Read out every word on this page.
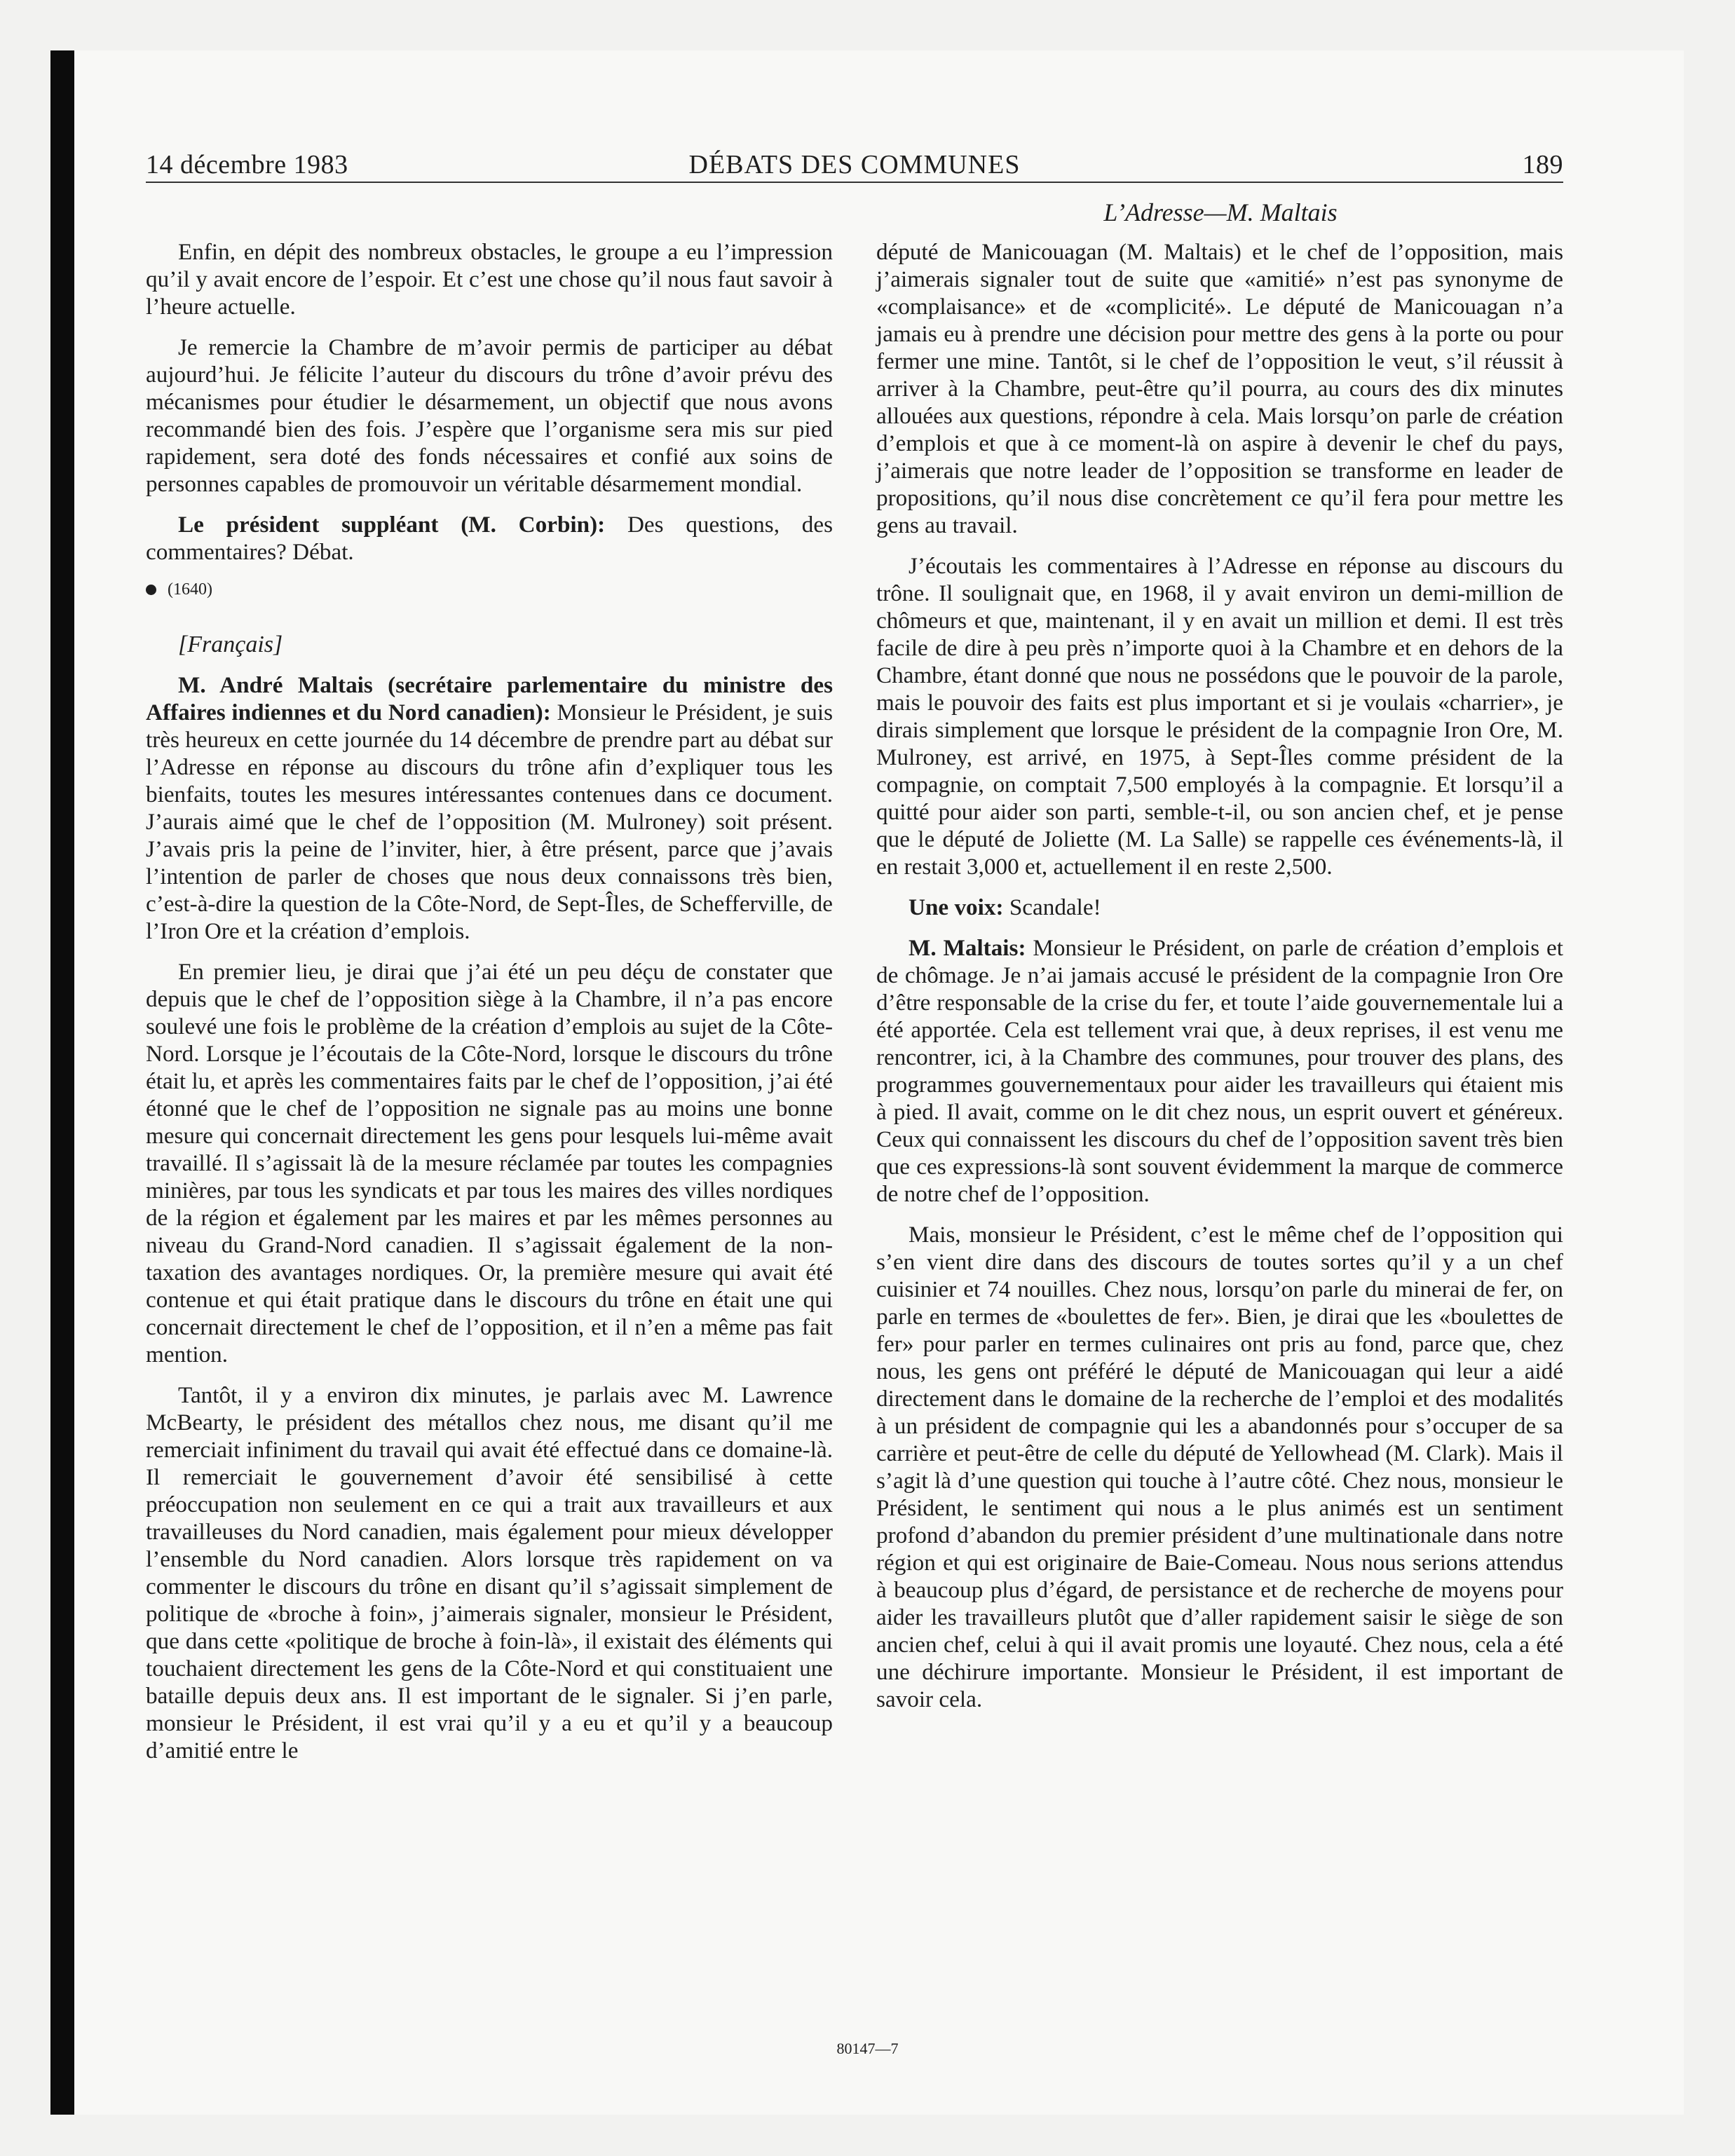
14 décembre 1983	DÉBATS DES COMMUNES	189
L’Adresse—M. Maltais

Enfin, en dépit des nombreux obstacles, le groupe a eu l’impression qu’il y avait encore de l’espoir. Et c’est une chose qu’il nous faut savoir à l’heure actuelle.

Je remercie la Chambre de m’avoir permis de participer au débat aujourd’hui. Je félicite l’auteur du discours du trône d’avoir prévu des mécanismes pour étudier le désarmement, un objectif que nous avons recommandé bien des fois. J’espère que l’organisme sera mis sur pied rapidement, sera doté des fonds nécessaires et confié aux soins de personnes capables de promouvoir un véritable désarmement mondial.

Le président suppléant (M. Corbin): Des questions, des commentaires? Débat.

(1640)

[Français]

M. André Maltais (secrétaire parlementaire du ministre des Affaires indiennes et du Nord canadien): Monsieur le Président, je suis très heureux en cette journée du 14 décembre de prendre part au débat sur l’Adresse en réponse au discours du trône afin d’expliquer tous les bienfaits, toutes les mesures intéressantes contenues dans ce document. J’aurais aimé que le chef de l’opposition (M. Mulroney) soit présent. J’avais pris la peine de l’inviter, hier, à être présent, parce que j’avais l’intention de parler de choses que nous deux connaissons très bien, c’est-à-dire la question de la Côte-Nord, de Sept-Îles, de Schefferville, de l’Iron Ore et la création d’emplois.

En premier lieu, je dirai que j’ai été un peu déçu de constater que depuis que le chef de l’opposition siège à la Chambre, il n’a pas encore soulevé une fois le problème de la création d’emplois au sujet de la Côte-Nord. Lorsque je l’écoutais de la Côte-Nord, lorsque le discours du trône était lu, et après les commentaires faits par le chef de l’opposition, j’ai été étonné que le chef de l’opposition ne signale pas au moins une bonne mesure qui concernait directement les gens pour lesquels lui-même avait travaillé. Il s’agissait là de la mesure réclamée par toutes les compagnies minières, par tous les syndicats et par tous les maires des villes nordiques de la région et également par les maires et par les mêmes personnes au niveau du Grand-Nord canadien. Il s’agissait également de la non-taxation des avantages nordiques. Or, la première mesure qui avait été contenue et qui était pratique dans le discours du trône en était une qui concernait directement le chef de l’opposition, et il n’en a même pas fait mention.

Tantôt, il y a environ dix minutes, je parlais avec M. Lawrence McBearty, le président des métallos chez nous, me disant qu’il me remerciait infiniment du travail qui avait été effectué dans ce domaine-là. Il remerciait le gouvernement d’avoir été sensibilisé à cette préoccupation non seulement en ce qui a trait aux travailleurs et aux travailleuses du Nord canadien, mais également pour mieux développer l’ensemble du Nord canadien. Alors lorsque très rapidement on va commenter le discours du trône en disant qu’il s’agissait simplement de politique de «broche à foin», j’aimerais signaler, monsieur le Président, que dans cette «politique de broche à foin-là», il existait des éléments qui touchaient directement les gens de la Côte-Nord et qui constituaient une bataille depuis deux ans. Il est important de le signaler. Si j’en parle, monsieur le Président, il est vrai qu’il y a eu et qu’il y a beaucoup d’amitié entre le

député de Manicouagan (M. Maltais) et le chef de l’opposition, mais j’aimerais signaler tout de suite que «amitié» n’est pas synonyme de «complaisance» et de «complicité». Le député de Manicouagan n’a jamais eu à prendre une décision pour mettre des gens à la porte ou pour fermer une mine. Tantôt, si le chef de l’opposition le veut, s’il réussit à arriver à la Chambre, peut-être qu’il pourra, au cours des dix minutes allouées aux questions, répondre à cela. Mais lorsqu’on parle de création d’emplois et que à ce moment-là on aspire à devenir le chef du pays, j’aimerais que notre leader de l’opposition se transforme en leader de propositions, qu’il nous dise concrètement ce qu’il fera pour mettre les gens au travail.

J’écoutais les commentaires à l’Adresse en réponse au discours du trône. Il soulignait que, en 1968, il y avait environ un demi-million de chômeurs et que, maintenant, il y en avait un million et demi. Il est très facile de dire à peu près n’importe quoi à la Chambre et en dehors de la Chambre, étant donné que nous ne possédons que le pouvoir de la parole, mais le pouvoir des faits est plus important et si je voulais «charrier», je dirais simplement que lorsque le président de la compagnie Iron Ore, M. Mulroney, est arrivé, en 1975, à Sept-Îles comme président de la compagnie, on comptait 7,500 employés à la compagnie. Et lorsqu’il a quitté pour aider son parti, semble-t-il, ou son ancien chef, et je pense que le député de Joliette (M. La Salle) se rappelle ces événements-là, il en restait 3,000 et, actuellement il en reste 2,500.

Une voix: Scandale!

M. Maltais: Monsieur le Président, on parle de création d’emplois et de chômage. Je n’ai jamais accusé le président de la compagnie Iron Ore d’être responsable de la crise du fer, et toute l’aide gouvernementale lui a été apportée. Cela est tellement vrai que, à deux reprises, il est venu me rencontrer, ici, à la Chambre des communes, pour trouver des plans, des programmes gouvernementaux pour aider les travailleurs qui étaient mis à pied. Il avait, comme on le dit chez nous, un esprit ouvert et généreux. Ceux qui connaissent les discours du chef de l’opposition savent très bien que ces expressions-là sont souvent évidemment la marque de commerce de notre chef de l’opposition.

Mais, monsieur le Président, c’est le même chef de l’opposition qui s’en vient dire dans des discours de toutes sortes qu’il y a un chef cuisinier et 74 nouilles. Chez nous, lorsqu’on parle du minerai de fer, on parle en termes de «boulettes de fer». Bien, je dirai que les «boulettes de fer» pour parler en termes culinaires ont pris au fond, parce que, chez nous, les gens ont préféré le député de Manicouagan qui leur a aidé directement dans le domaine de la recherche de l’emploi et des modalités à un président de compagnie qui les a abandonnés pour s’occuper de sa carrière et peut-être de celle du député de Yellowhead (M. Clark). Mais il s’agit là d’une question qui touche à l’autre côté. Chez nous, monsieur le Président, le sentiment qui nous a le plus animés est un sentiment profond d’abandon du premier président d’une multinationale dans notre région et qui est originaire de Baie-Comeau. Nous nous serions attendus à beaucoup plus d’égard, de persistance et de recherche de moyens pour aider les travailleurs plutôt que d’aller rapidement saisir le siège de son ancien chef, celui à qui il avait promis une loyauté. Chez nous, cela a été une déchirure importante. Monsieur le Président, il est important de savoir cela.

80147—7
